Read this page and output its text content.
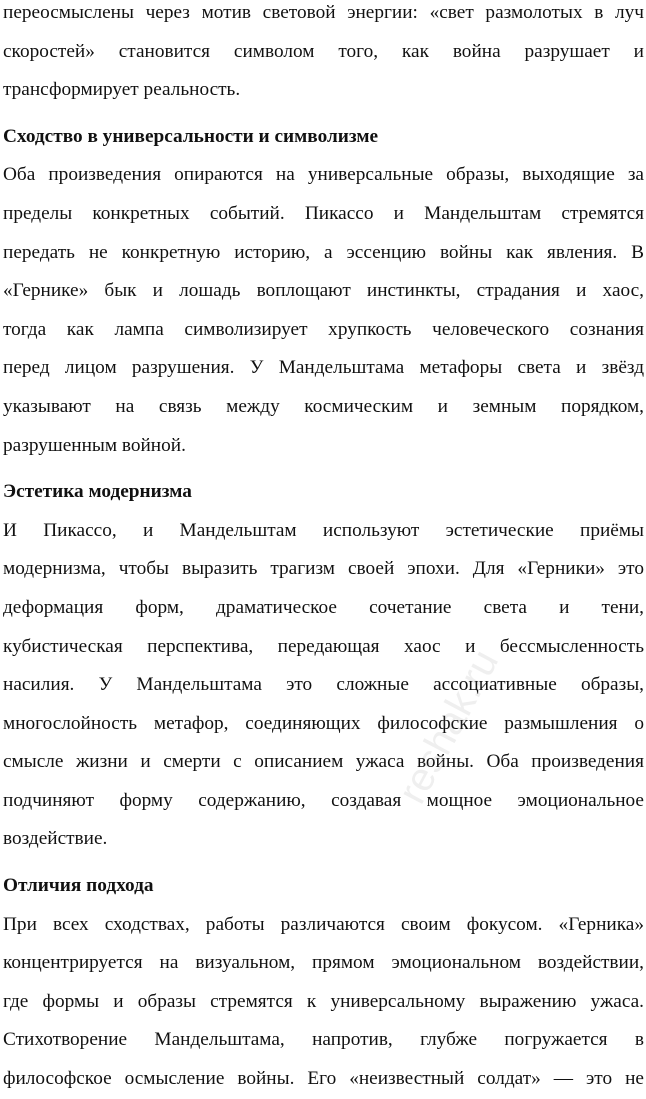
переосмыслены через мотив световой энергии: «свет размолотых в луч
скоростей» становится символом того, как война разрушает и
трансформирует реальность.
Сходство в универсальности и символизме
Оба произведения опираются на универсальные образы, выходящие за
пределы конкретных событий. Пикассо и Мандельштам стремятся
передать не конкретную историю, а эссенцию войны как явления. В
«Гернике» бык и лошадь воплощают инстинкты, страдания и хаос,
тогда как лампа символизирует хрупкость человеческого сознания
перед лицом разрушения. У Мандельштама метафоры света и звёзд
указывают на связь между космическим и земным порядком,
разрушенным войной.
Эстетика модернизма
И Пикассо, и Мандельштам используют эстетические приёмы
модернизма, чтобы выразить трагизм своей эпохи. Для «Герники» это
деформация форм, драматическое сочетание света и тени,
кубистическая перспектива, передающая хаос и бессмысленность
насилия. У Мандельштама это сложные ассоциативные образы,
многослойность метафор, соединяющих философские размышления о
смысле жизни и смерти с описанием ужаса войны. Оба произведения
подчиняют форму содержанию, создавая мощное эмоциональное
воздействие.
Отличия подхода
При всех сходствах, работы различаются своим фокусом. «Герника»
концентрируется на визуальном, прямом эмоциональном воздействии,
где формы и образы стремятся к универсальному выражению ужаса.
Стихотворение Мандельштама, напротив, глубже погружается в
философское осмысление войны. Его «неизвестный солдат» — это не
reshak.ru
